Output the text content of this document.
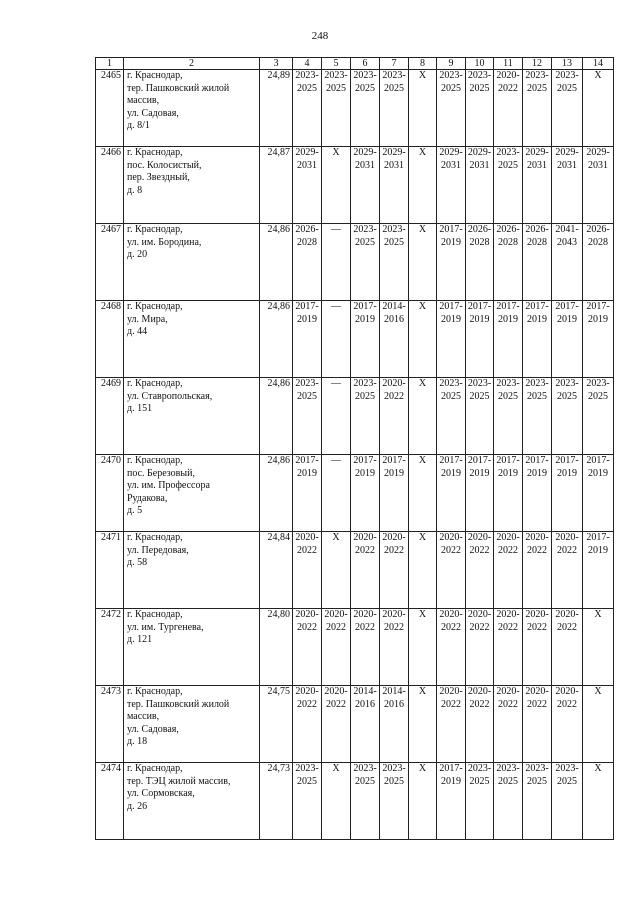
248
1	2	3	4	5	6	7	8	9	10	11	12	13	14
2465	г. Краснодар,
тер. Пашковский жилой
массив,
ул. Садовая,
д. 8/1	24,89	2023-
2025	2023-
2025	2023-
2025	2023-
2025	X	2023-
2025	2023-
2025	2020-
2022	2023-
2025	2023-
2025	X

2466	г. Краснодар,
пос. Колосистый,
пер. Звездный,
д. 8	24,87	2029-
2031	X	2029-
2031	2029-
2031	X	2029-
2031	2029-
2031	2023-
2025	2029-
2031	2029-
2031	2029-
2031

2467	г. Краснодар,
ул. им. Бородина,
д. 20	24,86	2026-
2028	—	2023-
2025	2023-
2025	X	2017-
2019	2026-
2028	2026-
2028	2026-
2028	2041-
2043	2026-
2028

2468	г. Краснодар,
ул. Мира,
д. 44	24,86	2017-
2019	—	2017-
2019	2014-
2016	X	2017-
2019	2017-
2019	2017-
2019	2017-
2019	2017-
2019	2017-
2019

2469	г. Краснодар,
ул. Ставропольская,
д. 151	24,86	2023-
2025	—	2023-
2025	2020-
2022	X	2023-
2025	2023-
2025	2023-
2025	2023-
2025	2023-
2025	2023-
2025

2470	г. Краснодар,
пос. Березовый,
ул. им. Профессора
Рудакова,
д. 5	24,86	2017-
2019	—	2017-
2019	2017-
2019	X	2017-
2019	2017-
2019	2017-
2019	2017-
2019	2017-
2019	2017-
2019

2471	г. Краснодар,
ул. Передовая,
д. 58	24,84	2020-
2022	X	2020-
2022	2020-
2022	X	2020-
2022	2020-
2022	2020-
2022	2020-
2022	2020-
2022	2017-
2019

2472	г. Краснодар,
ул. им. Тургенева,
д. 121	24,80	2020-
2022	2020-
2022	2020-
2022	2020-
2022	X	2020-
2022	2020-
2022	2020-
2022	2020-
2022	2020-
2022	X

2473	г. Краснодар,
тер. Пашковский жилой
массив,
ул. Садовая,
д. 18	24,75	2020-
2022	2020-
2022	2014-
2016	2014-
2016	X	2020-
2022	2020-
2022	2020-
2022	2020-
2022	2020-
2022	X

2474	г. Краснодар,
тер. ТЭЦ жилой массив,
ул. Сормовская,
д. 26	24,73	2023-
2025	X	2023-
2025	2023-
2025	X	2017-
2019	2023-
2025	2023-
2025	2023-
2025	2023-
2025	X
